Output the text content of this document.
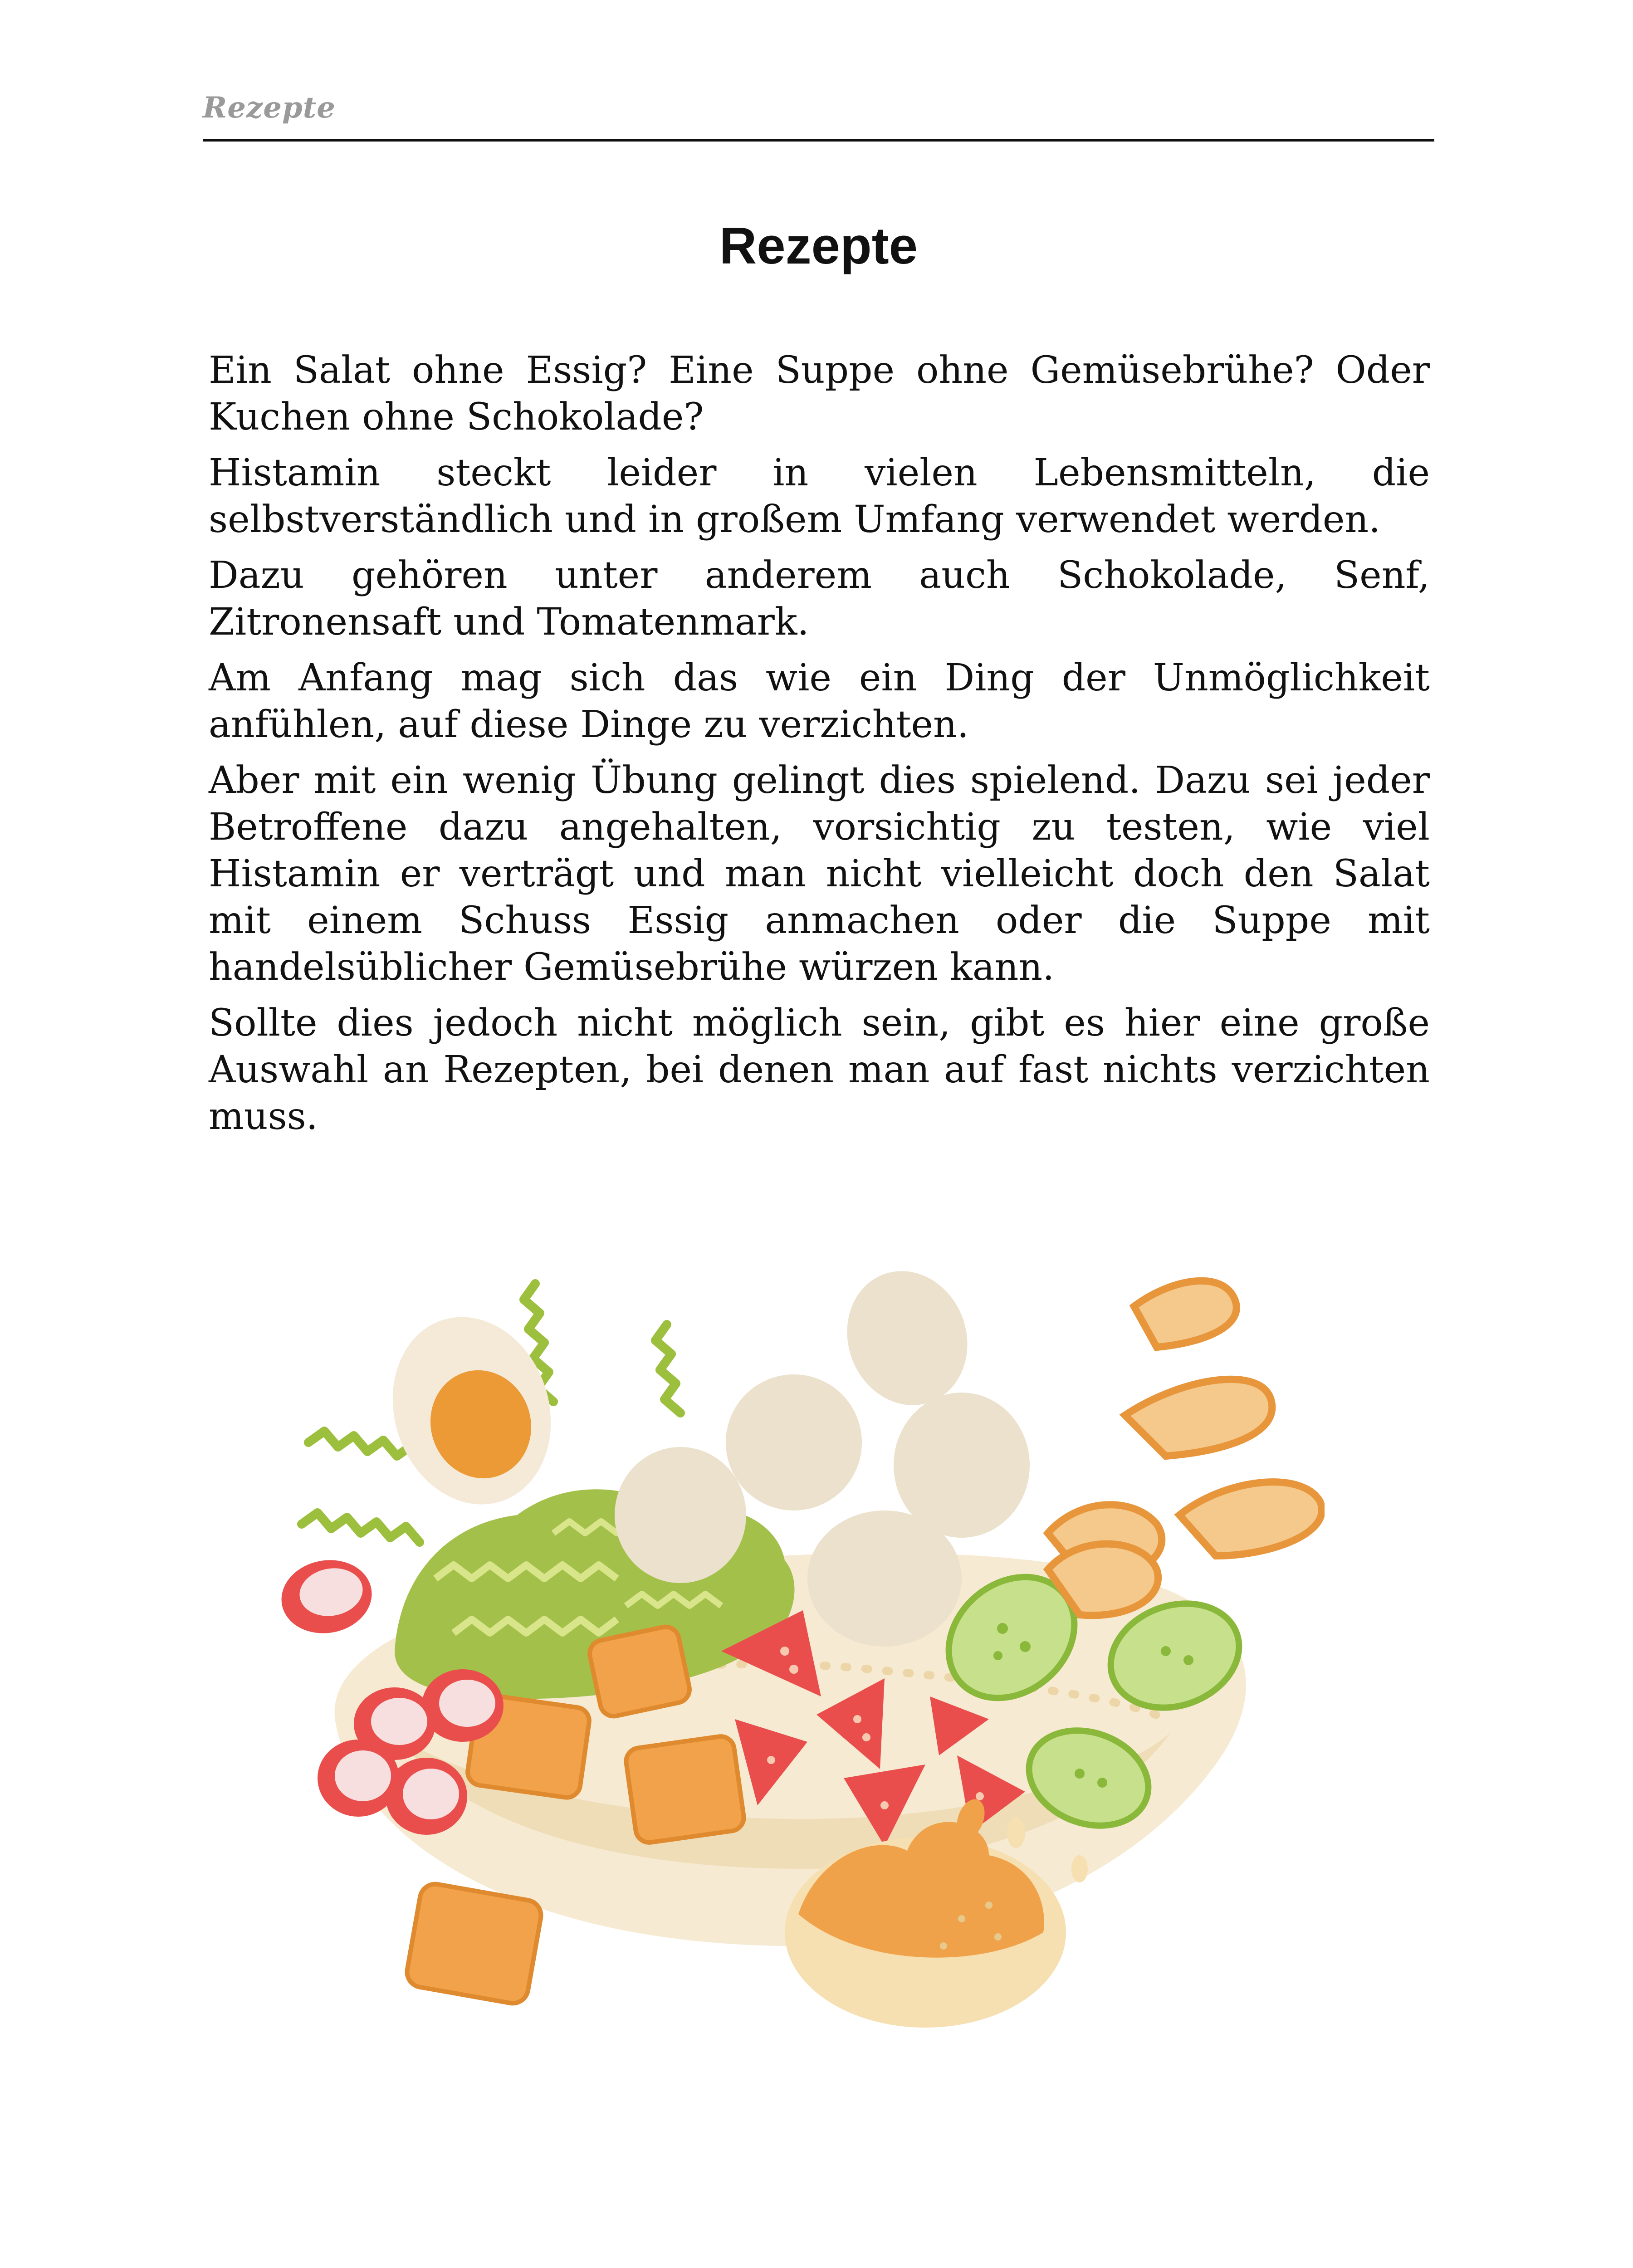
Rezepte
Rezepte

Ein Salat ohne Essig? Eine Suppe ohne Gemüsebrühe? Oder Kuchen ohne Schokolade?

Histamin steckt leider in vielen Lebensmitteln, die selbstverständlich und in großem Umfang verwendet werden.

Dazu gehören unter anderem auch Schokolade, Senf, Zitronensaft und Tomatenmark.

Am Anfang mag sich das wie ein Ding der Unmöglichkeit anfühlen, auf diese Dinge zu verzichten.

Aber mit ein wenig Übung gelingt dies spielend. Dazu sei jeder Betroffene dazu angehalten, vorsichtig zu testen, wie viel Histamin er verträgt und man nicht vielleicht doch den Salat mit einem Schuss Essig anmachen oder die Suppe mit handelsüblicher Gemüsebrühe würzen kann.

Sollte dies jedoch nicht möglich sein, gibt es hier eine große Auswahl an Rezepten, bei denen man auf fast nichts verzichten muss.
